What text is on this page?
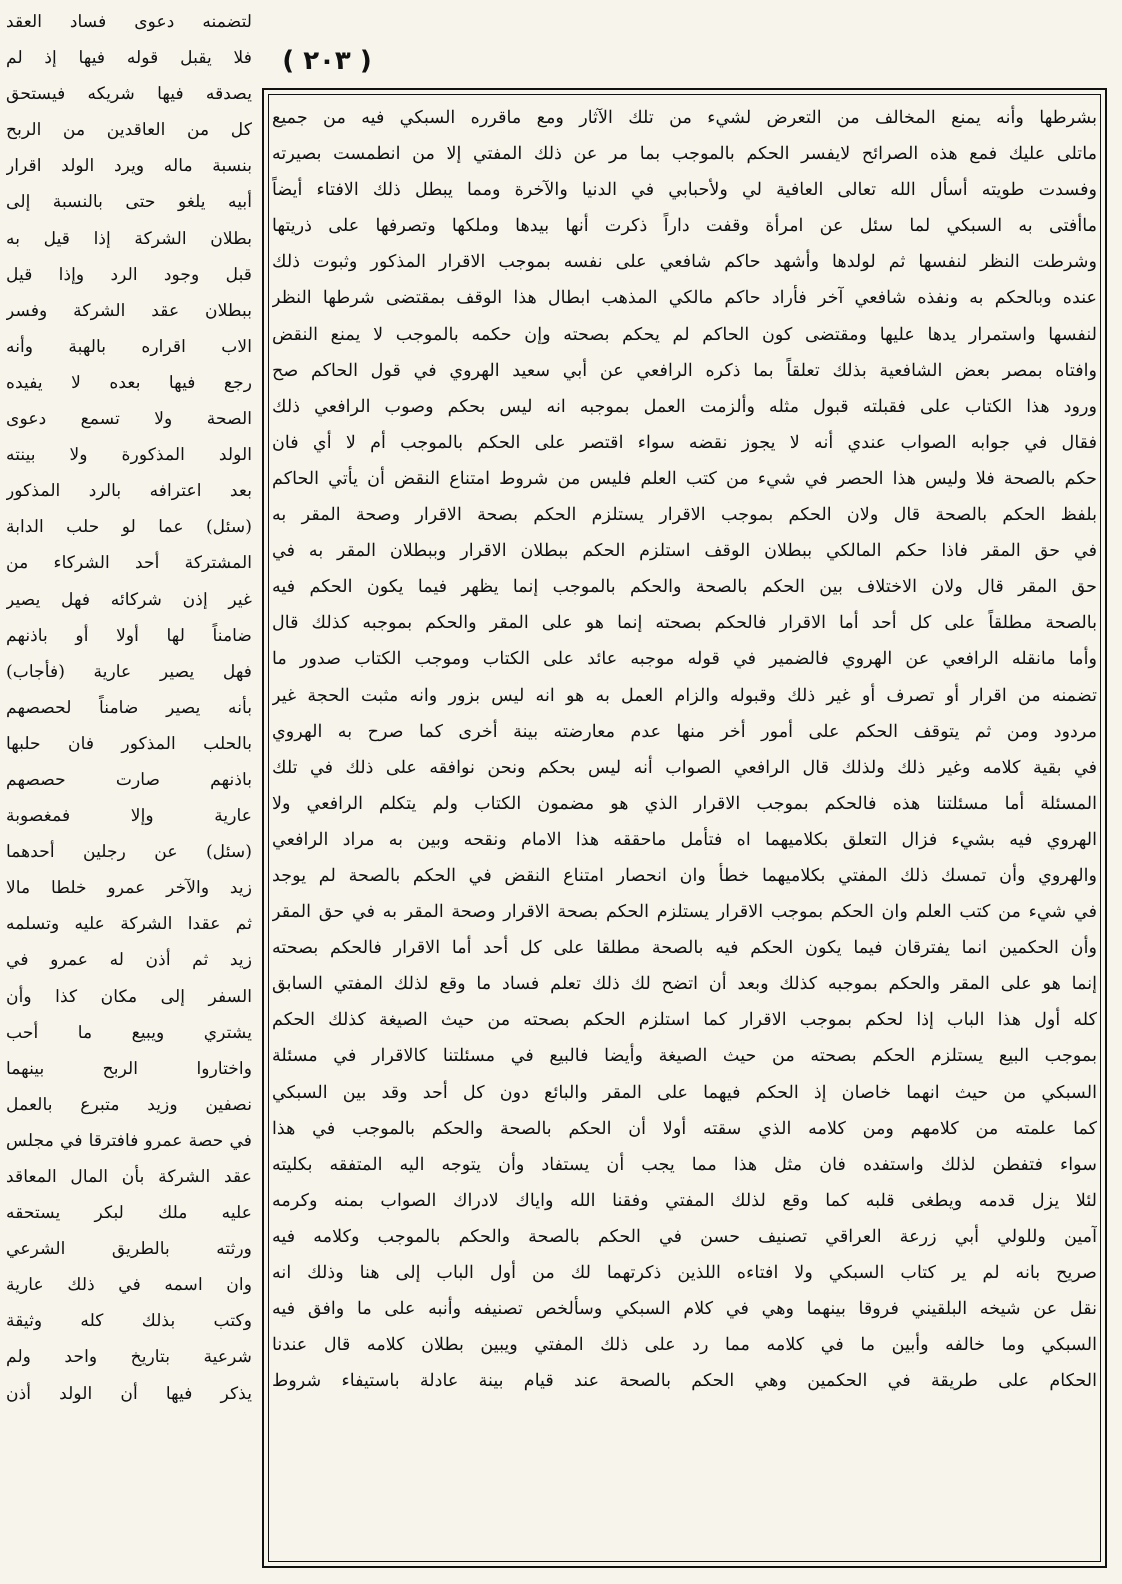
( ٢٠٣ )
بشرطها وأنه يمنع المخالف من التعرض لشيء من تلك الآثار ومع ماقرره السبكي فيه من جميع
ماتلى عليك فمع هذه الصرائح لايفسر الحكم بالموجب بما مر عن ذلك المفتي إلا من انطمست بصيرته
وفسدت طويته أسأل الله تعالى العافية لي ولأحبابي في الدنيا والآخرة ومما يبطل ذلك الافتاء أيضاً
ماأفتى به السبكي لما سئل عن امرأة وقفت داراً ذكرت أنها بيدها وملكها وتصرفها على ذريتها
وشرطت النظر لنفسها ثم لولدها وأشهد حاكم شافعي على نفسه بموجب الاقرار المذكور وثبوت ذلك
عنده وبالحكم به ونفذه شافعي آخر فأراد حاكم مالكي المذهب ابطال هذا الوقف بمقتضى شرطها النظر
لنفسها واستمرار يدها عليها ومقتضى كون الحاكم لم يحكم بصحته وإن حكمه بالموجب لا يمنع النقض
وافتاه بمصر بعض الشافعية بذلك تعلقاً بما ذكره الرافعي عن أبي سعيد الهروي في قول الحاكم صح
ورود هذا الكتاب على فقبلته قبول مثله وألزمت العمل بموجبه انه ليس بحكم وصوب الرافعي ذلك
فقال في جوابه الصواب عندي أنه لا يجوز نقضه سواء اقتصر على الحكم بالموجب أم لا أي فان
حكم بالصحة فلا وليس هذا الحصر في شيء من كتب العلم فليس من شروط امتناع النقض أن يأتي الحاكم
بلفظ الحكم بالصحة قال ولان الحكم بموجب الاقرار يستلزم الحكم بصحة الاقرار وصحة المقر به
في حق المقر فاذا حكم المالكي ببطلان الوقف استلزم الحكم ببطلان الاقرار وببطلان المقر به في
حق المقر قال ولان الاختلاف بين الحكم بالصحة والحكم بالموجب إنما يظهر فيما يكون الحكم فيه
بالصحة مطلقاً على كل أحد أما الاقرار فالحكم بصحته إنما هو على المقر والحكم بموجبه كذلك قال
وأما مانقله الرافعي عن الهروي فالضمير في قوله موجبه عائد على الكتاب وموجب الكتاب صدور ما
تضمنه من اقرار أو تصرف أو غير ذلك وقبوله والزام العمل به هو انه ليس بزور وانه مثبت الحجة غير
مردود ومن ثم يتوقف الحكم على أمور أخر منها عدم معارضته بينة أخرى كما صرح به الهروي
في بقية كلامه وغير ذلك ولذلك قال الرافعي الصواب أنه ليس بحكم ونحن نوافقه على ذلك في تلك
المسئلة أما مسئلتنا هذه فالحكم بموجب الاقرار الذي هو مضمون الكتاب ولم يتكلم الرافعي ولا
الهروي فيه بشيء فزال التعلق بكلاميهما اه فتأمل ماحققه هذا الامام ونقحه وبين به مراد الرافعي
والهروي وأن تمسك ذلك المفتي بكلاميهما خطأ وان انحصار امتناع النقض في الحكم بالصحة لم يوجد
في شيء من كتب العلم وان الحكم بموجب الاقرار يستلزم الحكم بصحة الاقرار وصحة المقر به في حق المقر
وأن الحكمين انما يفترقان فيما يكون الحكم فيه بالصحة مطلقا على كل أحد أما الاقرار فالحكم بصحته
إنما هو على المقر والحكم بموجبه كذلك وبعد أن اتضح لك ذلك تعلم فساد ما وقع لذلك المفتي السابق
كله أول هذا الباب إذا لحكم بموجب الاقرار كما استلزم الحكم بصحته من حيث الصيغة كذلك الحكم
بموجب البيع يستلزم الحكم بصحته من حيث الصيغة وأيضا فالبيع في مسئلتنا كالاقرار في مسئلة
السبكي من حيث انهما خاصان إذ الحكم فيهما على المقر والبائع دون كل أحد وقد بين السبكي
كما علمته من كلامهم ومن كلامه الذي سقته أولا أن الحكم بالصحة والحكم بالموجب في هذا
سواء فتفطن لذلك واستفده فان مثل هذا مما يجب أن يستفاد وأن يتوجه اليه المتفقه بكليته
لئلا يزل قدمه ويطغى قلبه كما وقع لذلك المفتي وفقنا الله واياك لادراك الصواب بمنه وكرمه
آمين وللولي أبي زرعة العراقي تصنيف حسن في الحكم بالصحة والحكم بالموجب وكلامه فيه
صريح بانه لم ير كتاب السبكي ولا افتاءه اللذين ذكرتهما لك من أول الباب إلى هنا وذلك انه
نقل عن شيخه البلقيني فروقا بينهما وهي في كلام السبكي وسألخص تصنيفه وأنبه على ما وافق فيه
السبكي وما خالفه وأبين ما في كلامه مما رد على ذلك المفتي ويبين بطلان كلامه قال عندنا
الحكام على طريقة في الحكمين وهي الحكم بالصحة عند قيام بينة عادلة باستيفاء شروط
لتضمنه دعوى فساد العقد
فلا يقبل قوله فيها إذ لم
يصدقه فيها شريكه فيستحق
كل من العاقدين من الربح
بنسبة ماله ويرد الولد اقرار
أبيه يلغو حتى بالنسبة إلى
بطلان الشركة إذا قيل به
قبل وجود الرد وإذا قيل
ببطلان عقد الشركة وفسر
الاب اقراره بالهبة وأنه
رجع فيها بعده لا يفيده
الصحة ولا تسمع دعوى
الولد المذكورة ولا بينته
بعد اعترافه بالرد المذكور
(سئل) عما لو حلب الدابة
المشتركة أحد الشركاء من
غير إذن شركائه فهل يصير
ضامناً لها أولا أو باذنهم
فهل يصير عارية (فأجاب)
بأنه يصير ضامناً لحصصهم
بالحلب المذكور فان حلبها
باذنهم صارت حصصهم
عارية وإلا فمغصوبة
(سئل) عن رجلين أحدهما
زيد والآخر عمرو خلطا مالا
ثم عقدا الشركة عليه وتسلمه
زيد ثم أذن له عمرو في
السفر إلى مكان كذا وأن
يشتري ويبيع ما أحب
واختاروا الربح بينهما
نصفين وزيد متبرع بالعمل
في حصة عمرو فافترقا في مجلس
عقد الشركة بأن المال المعاقد
عليه ملك لبكر يستحقه
ورثته بالطريق الشرعي
وان اسمه في ذلك عارية
وكتب بذلك كله وثيقة
شرعية بتاريخ واحد ولم
يذكر فيها أن الولد أذن
